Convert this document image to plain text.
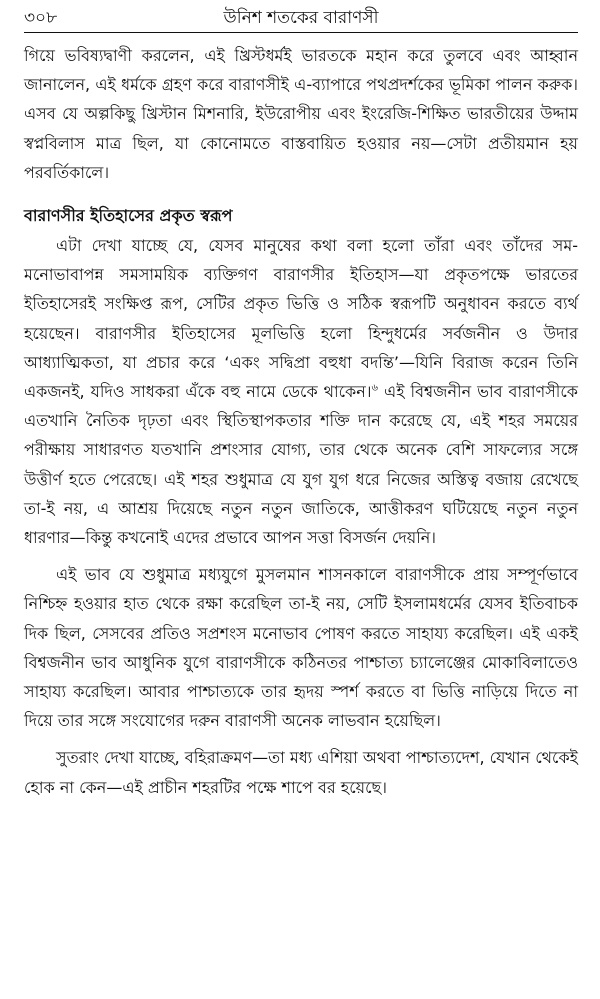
৩০৮	উনিশ শতকের বারাণসী

গিয়ে ভবিষ্যদ্বাণী করলেন, এই খ্রিস্টধর্মই ভারতকে মহান করে তুলবে এবং আহ্বান জানালেন, এই ধর্মকে গ্রহণ করে বারাণসীই এ-ব্যাপারে পথপ্রদর্শকের ভূমিকা পালন করুক। এসব যে অল্পকিছু খ্রিস্টান মিশনারি, ইউরোপীয় এবং ইংরেজি-শিক্ষিত ভারতীয়ের উদ্দাম স্বপ্নবিলাস মাত্র ছিল, যা কোনোমতে বাস্তবায়িত হওয়ার নয়—সেটা প্রতীয়মান হয় পরবর্তিকালে।

বারাণসীর ইতিহাসের প্রকৃত স্বরূপ

এটা দেখা যাচ্ছে যে, যেসব মানুষের কথা বলা হলো তাঁরা এবং তাঁদের সম-মনোভাবাপন্ন সমসাময়িক ব্যক্তিগণ বারাণসীর ইতিহাস—যা প্রকৃতপক্ষে ভারতের ইতিহাসেরই সংক্ষিপ্ত রূপ, সেটির প্রকৃত ভিত্তি ও সঠিক স্বরূপটি অনুধাবন করতে ব্যর্থ হয়েছেন। বারাণসীর ইতিহাসের মূলভিত্তি হলো হিন্দুধর্মের সর্বজনীন ও উদার আধ্যাত্মিকতা, যা প্রচার করে ‘একং সদ্বিপ্রা বহুধা বদন্তি’—যিনি বিরাজ করেন তিনি একজনই, যদিও সাধকরা এঁকে বহু নামে ডেকে থাকেন।$^৬$ এই বিশ্বজনীন ভাব বারাণসীকে এতখানি নৈতিক দৃঢ়তা এবং স্থিতিস্থাপকতার শক্তি দান করেছে যে, এই শহর সময়ের পরীক্ষায় সাধারণত যতখানি প্রশংসার যোগ্য, তার থেকে অনেক বেশি সাফল্যের সঙ্গে উত্তীর্ণ হতে পেরেছে। এই শহর শুধুমাত্র যে যুগ যুগ ধরে নিজের অস্তিত্ব বজায় রেখেছে তা-ই নয়, এ আশ্রয় দিয়েছে নতুন নতুন জাতিকে, আত্তীকরণ ঘটিয়েছে নতুন নতুন ধারণার—কিন্তু কখনোই এদের প্রভাবে আপন সত্তা বিসর্জন দেয়নি।

এই ভাব যে শুধুমাত্র মধ্যযুগে মুসলমান শাসনকালে বারাণসীকে প্রায় সম্পূর্ণভাবে নিশ্চিহ্ন হওয়ার হাত থেকে রক্ষা করেছিল তা-ই নয়, সেটি ইসলামধর্মের যেসব ইতিবাচক দিক ছিল, সেসবের প্রতিও সপ্রশংস মনোভাব পোষণ করতে সাহায্য করেছিল। এই একই বিশ্বজনীন ভাব আধুনিক যুগে বারাণসীকে কঠিনতর পাশ্চাত্য চ্যালেঞ্জের মোকাবিলাতেও সাহায্য করেছিল। আবার পাশ্চাত্যকে তার হৃদয় স্পর্শ করতে বা ভিত্তি নাড়িয়ে দিতে না দিয়ে তার সঙ্গে সংযোগের দরুন বারাণসী অনেক লাভবান হয়েছিল।

সুতরাং দেখা যাচ্ছে, বহিরাক্রমণ—তা মধ্য এশিয়া অথবা পাশ্চাত্যদেশ, যেখান থেকেই হোক না কেন—এই প্রাচীন শহরটির পক্ষে শাপে বর হয়েছে।
